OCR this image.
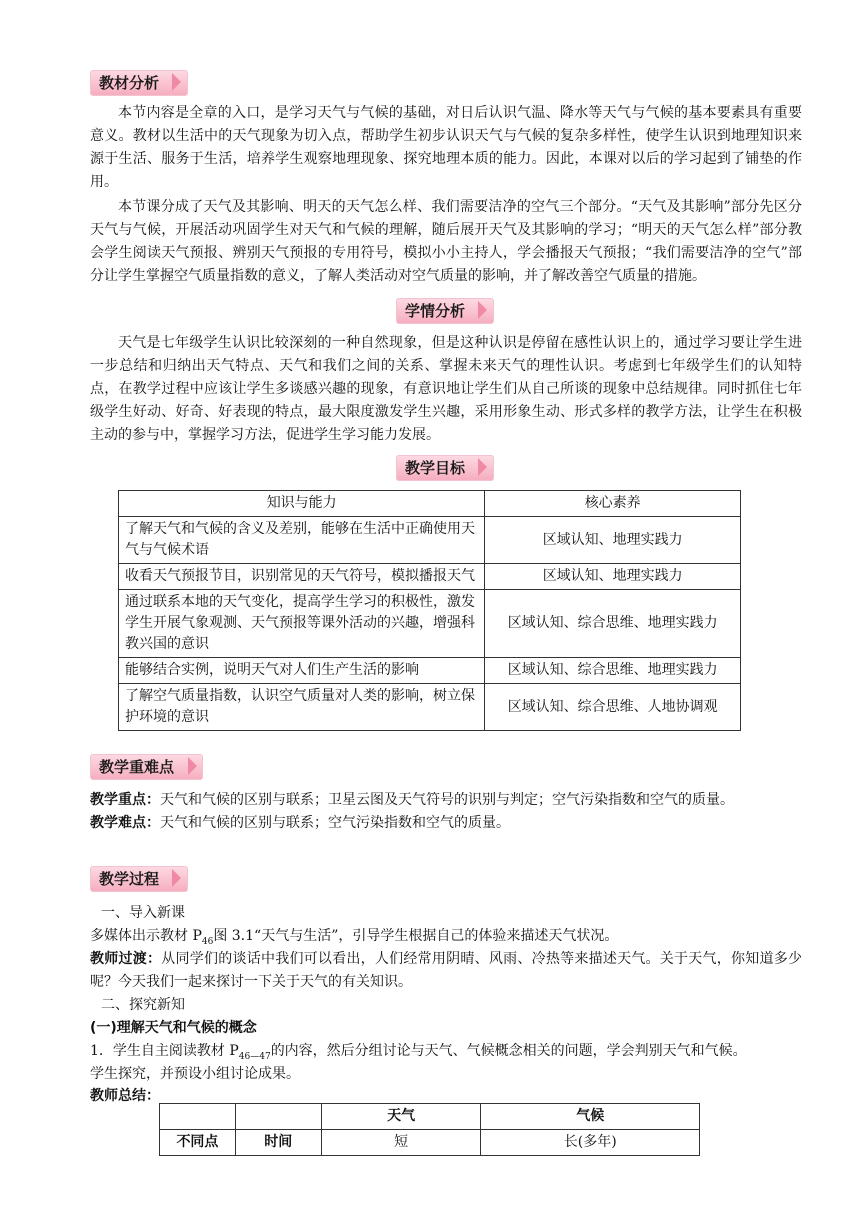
教材分析

本节内容是全章的入口，是学习天气与气候的基础，对日后认识气温、降水等天气与气候的基本要素具有重要意义。教材以生活中的天气现象为切入点，帮助学生初步认识天气与气候的复杂多样性，使学生认识到地理知识来源于生活、服务于生活，培养学生观察地理现象、探究地理本质的能力。因此，本课对以后的学习起到了铺垫的作用。

本节课分成了天气及其影响、明天的天气怎么样、我们需要洁净的空气三个部分。“天气及其影响”部分先区分天气与气候，开展活动巩固学生对天气和气候的理解，随后展开天气及其影响的学习；“明天的天气怎么样”部分教会学生阅读天气预报、辨别天气预报的专用符号，模拟小小主持人，学会播报天气预报；“我们需要洁净的空气”部分让学生掌握空气质量指数的意义，了解人类活动对空气质量的影响，并了解改善空气质量的措施。

学情分析

天气是七年级学生认识比较深刻的一种自然现象，但是这种认识是停留在感性认识上的，通过学习要让学生进一步总结和归纳出天气特点、天气和我们之间的关系、掌握未来天气的理性认识。考虑到七年级学生们的认知特点，在教学过程中应该让学生多谈感兴趣的现象，有意识地让学生们从自己所谈的现象中总结规律。同时抓住七年级学生好动、好奇、好表现的特点，最大限度激发学生兴趣，采用形象生动、形式多样的教学方法，让学生在积极主动的参与中，掌握学习方法，促进学生学习能力发展。

教学目标
知识与能力	核心素养
了解天气和气候的含义及差别，能够在生活中正确使用天气与气候术语	区域认知、地理实践力
收看天气预报节目，识别常见的天气符号，模拟播报天气	区域认知、地理实践力
通过联系本地的天气变化，提高学生学习的积极性，激发学生开展气象观测、天气预报等课外活动的兴趣，增强科教兴国的意识	区域认知、综合思维、地理实践力
能够结合实例，说明天气对人们生产生活的影响	区域认知、综合思维、地理实践力
了解空气质量指数，认识空气质量对人类的影响，树立保护环境的意识	区域认知、综合思维、人地协调观
教学重难点

教学重点：天气和气候的区别与联系；卫星云图及天气符号的识别与判定；空气污染指数和空气的质量。

教学难点：天气和气候的区别与联系；空气污染指数和空气的质量。

教学过程

一、导入新课

多媒体出示教材 $P_{46}$图 3.1“天气与生活”，引导学生根据自己的体验来描述天气状况。

教师过渡：从同学们的谈话中我们可以看出，人们经常用阴晴、风雨、冷热等来描述天气。关于天气，你知道多少呢？今天我们一起来探讨一下关于天气的有关知识。

二、探究新知

(一)理解天气和气候的概念

1．学生自主阅读教材 $P_{46—47}$的内容，然后分组讨论与天气、气候概念相关的问题，学会判别天气和气候。

学生探究，并预设小组讨论成果。

教师总结：

		天气	气候
不同点	时间	短	长(多年)
